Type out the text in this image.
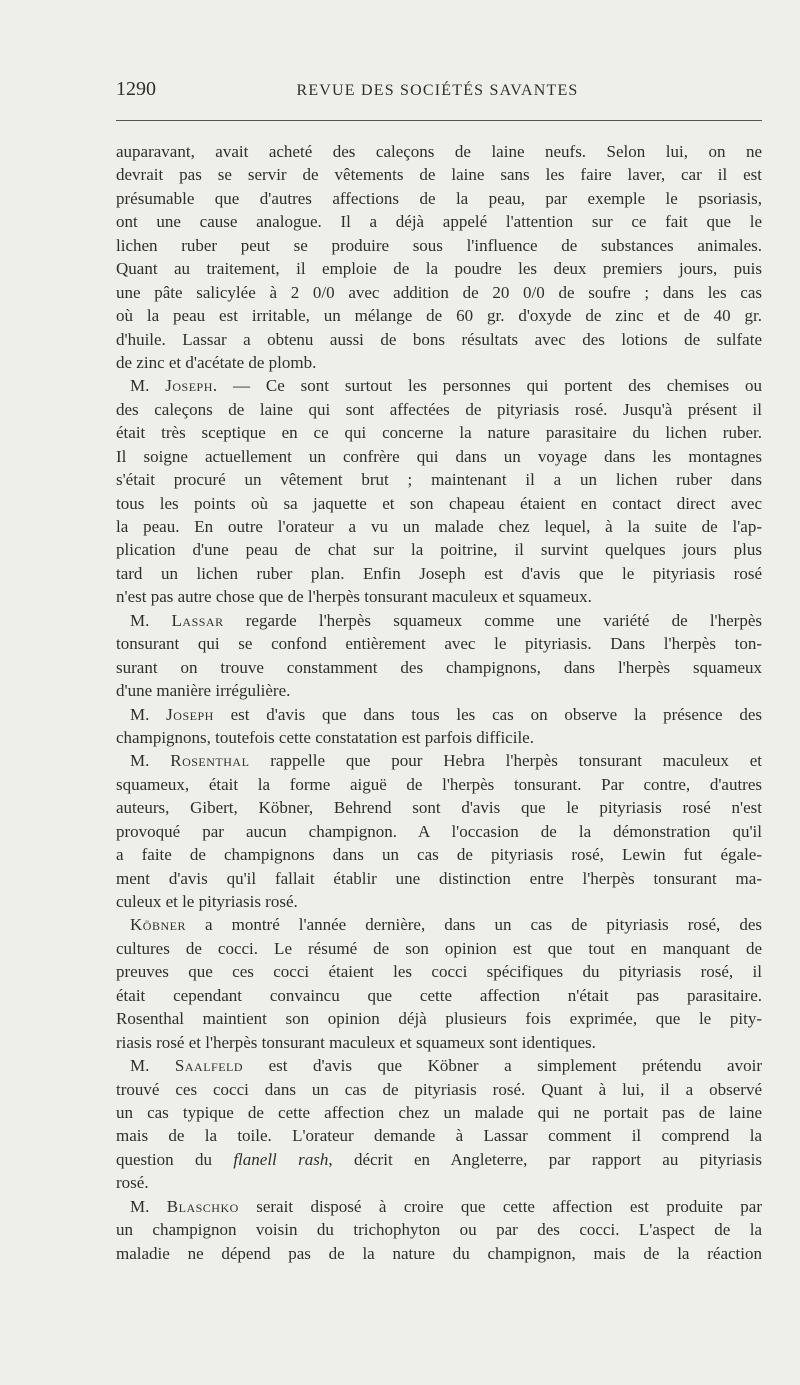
1290	REVUE DES SOCIÉTÉS SAVANTES
auparavant, avait acheté des caleçons de laine neufs. Selon lui, on ne
devrait pas se servir de vêtements de laine sans les faire laver, car il est
présumable que d'autres affections de la peau, par exemple le psoriasis,
ont une cause analogue. Il a déjà appelé l'attention sur ce fait que le
lichen ruber peut se produire sous l'influence de substances animales.
Quant au traitement, il emploie de la poudre les deux premiers jours, puis
une pâte salicylée à 2 0/0 avec addition de 20 0/0 de soufre ; dans les cas
où la peau est irritable, un mélange de 60 gr. d'oxyde de zinc et de 40 gr.
d'huile. Lassar a obtenu aussi de bons résultats avec des lotions de sulfate
de zinc et d'acétate de plomb.
M. Joseph. — Ce sont surtout les personnes qui portent des chemises ou
des caleçons de laine qui sont affectées de pityriasis rosé. Jusqu'à présent il
était très sceptique en ce qui concerne la nature parasitaire du lichen ruber.
Il soigne actuellement un confrère qui dans un voyage dans les montagnes
s'était procuré un vêtement brut ; maintenant il a un lichen ruber dans
tous les points où sa jaquette et son chapeau étaient en contact direct avec
la peau. En outre l'orateur a vu un malade chez lequel, à la suite de l'ap-
plication d'une peau de chat sur la poitrine, il survint quelques jours plus
tard un lichen ruber plan. Enfin Joseph est d'avis que le pityriasis rosé
n'est pas autre chose que de l'herpès tonsurant maculeux et squameux.
M. Lassar regarde l'herpès squameux comme une variété de l'herpès
tonsurant qui se confond entièrement avec le pityriasis. Dans l'herpès ton-
surant on trouve constamment des champignons, dans l'herpès squameux
d'une manière irrégulière.
M. Joseph est d'avis que dans tous les cas on observe la présence des
champignons, toutefois cette constatation est parfois difficile.
M. Rosenthal rappelle que pour Hebra l'herpès tonsurant maculeux et
squameux, était la forme aiguë de l'herpès tonsurant. Par contre, d'autres
auteurs, Gibert, Köbner, Behrend sont d'avis que le pityriasis rosé n'est
provoqué par aucun champignon. A l'occasion de la démonstration qu'il
a faite de champignons dans un cas de pityriasis rosé, Lewin fut égale-
ment d'avis qu'il fallait établir une distinction entre l'herpès tonsurant ma-
culeux et le pityriasis rosé.
Köbner a montré l'année dernière, dans un cas de pityriasis rosé, des
cultures de cocci. Le résumé de son opinion est que tout en manquant de
preuves que ces cocci étaient les cocci spécifiques du pityriasis rosé, il
était cependant convaincu que cette affection n'était pas parasitaire.
Rosenthal maintient son opinion déjà plusieurs fois exprimée, que le pity-
riasis rosé et l'herpès tonsurant maculeux et squameux sont identiques.
M. Saalfeld est d'avis que Köbner a simplement prétendu avoir
trouvé ces cocci dans un cas de pityriasis rosé. Quant à lui, il a observé
un cas typique de cette affection chez un malade qui ne portait pas de laine
mais de la toile. L'orateur demande à Lassar comment il comprend la
question du flanell rash, décrit en Angleterre, par rapport au pityriasis
rosé.
M. Blaschko serait disposé à croire que cette affection est produite par
un champignon voisin du trichophyton ou par des cocci. L'aspect de la
maladie ne dépend pas de la nature du champignon, mais de la réaction
